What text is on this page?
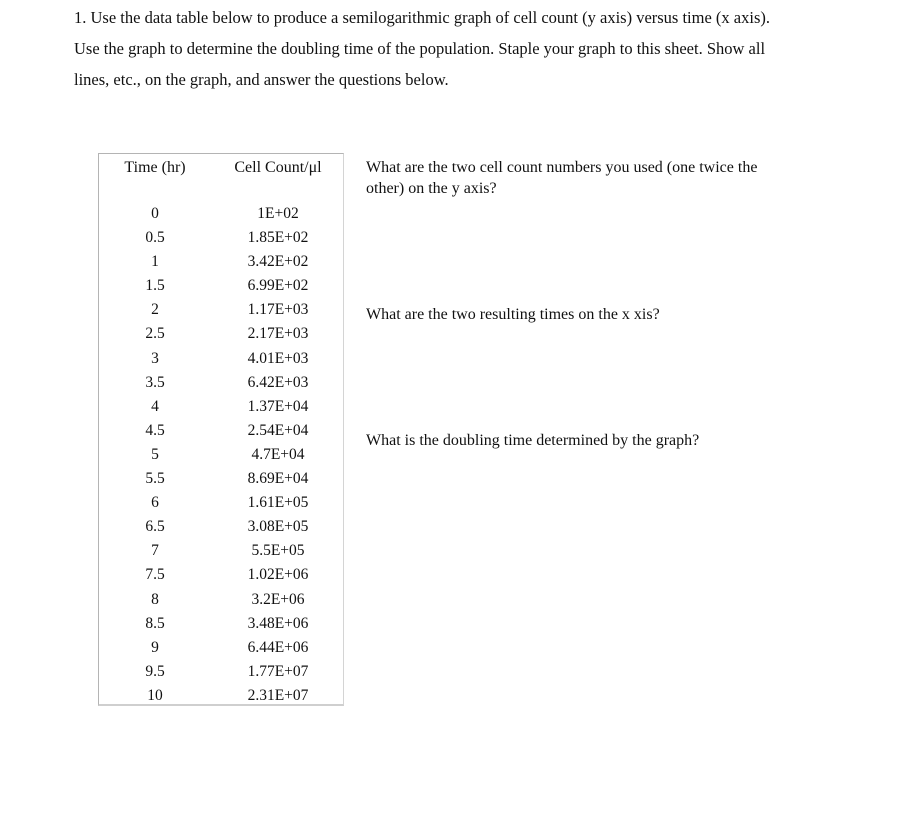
1. Use the data table below to produce a semilogarithmic graph of cell count (y axis) versus time (x axis).

Use the graph to determine the doubling time of the population. Staple your graph to this sheet. Show all

lines, etc., on the graph, and answer the questions below.

Time (hr)	Cell Count/μl
0	1E+02
0.5	1.85E+02
1	3.42E+02
1.5	6.99E+02
2	1.17E+03
2.5	2.17E+03
3	4.01E+03
3.5	6.42E+03
4	1.37E+04
4.5	2.54E+04
5	4.7E+04
5.5	8.69E+04
6	1.61E+05
6.5	3.08E+05
7	5.5E+05
7.5	1.02E+06
8	3.2E+06
8.5	3.48E+06
9	6.44E+06
9.5	1.77E+07
10	2.31E+07

What are the two cell count numbers you used (one twice the
other) on the y axis?

What are the two resulting times on the x xis?

What is the doubling time determined by the graph?
